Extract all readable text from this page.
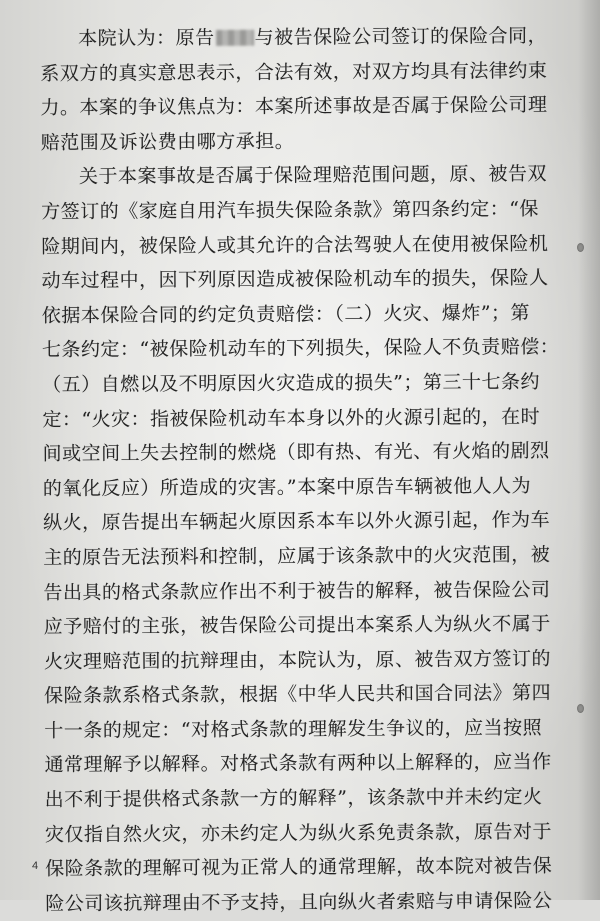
本院认为：原告 与被告保险公司签订的保险合同，
系双方的真实意思表示，合法有效，对双方均具有法律约束
力。本案的争议焦点为：本案所述事故是否属于保险公司理
赔范围及诉讼费由哪方承担。
关于本案事故是否属于保险理赔范围问题，原、被告双
方签订的《家庭自用汽车损失保险条款》第四条约定：“保
险期间内，被保险人或其允许的合法驾驶人在使用被保险机
动车过程中，因下列原因造成被保险机动车的损失，保险人
依据本保险合同的约定负责赔偿：（二）火灾、爆炸”；第
七条约定：“被保险机动车的下列损失，保险人不负责赔偿：
（五）自燃以及不明原因火灾造成的损失”；第三十七条约
定：“火灾：指被保险机动车本身以外的火源引起的，在时
间或空间上失去控制的燃烧（即有热、有光、有火焰的剧烈
的氧化反应）所造成的灾害。”本案中原告车辆被他人人为
纵火，原告提出车辆起火原因系本车以外火源引起，作为车
主的原告无法预料和控制，应属于该条款中的火灾范围，被
告出具的格式条款应作出不利于被告的解释，被告保险公司
应予赔付的主张，被告保险公司提出本案系人为纵火不属于
火灾理赔范围的抗辩理由，本院认为，原、被告双方签订的
保险条款系格式条款，根据《中华人民共和国合同法》第四
十一条的规定：“对格式条款的理解发生争议的，应当按照
通常理解予以解释。对格式条款有两种以上解释的，应当作
出不利于提供格式条款一方的解释”，该条款中并未约定火
灾仅指自然火灾，亦未约定人为纵火系免责条款，原告对于
保险条款的理解可视为正常人的通常理解，故本院对被告保
险公司该抗辩理由不予支持，且向纵火者索赔与申请保险公
4
